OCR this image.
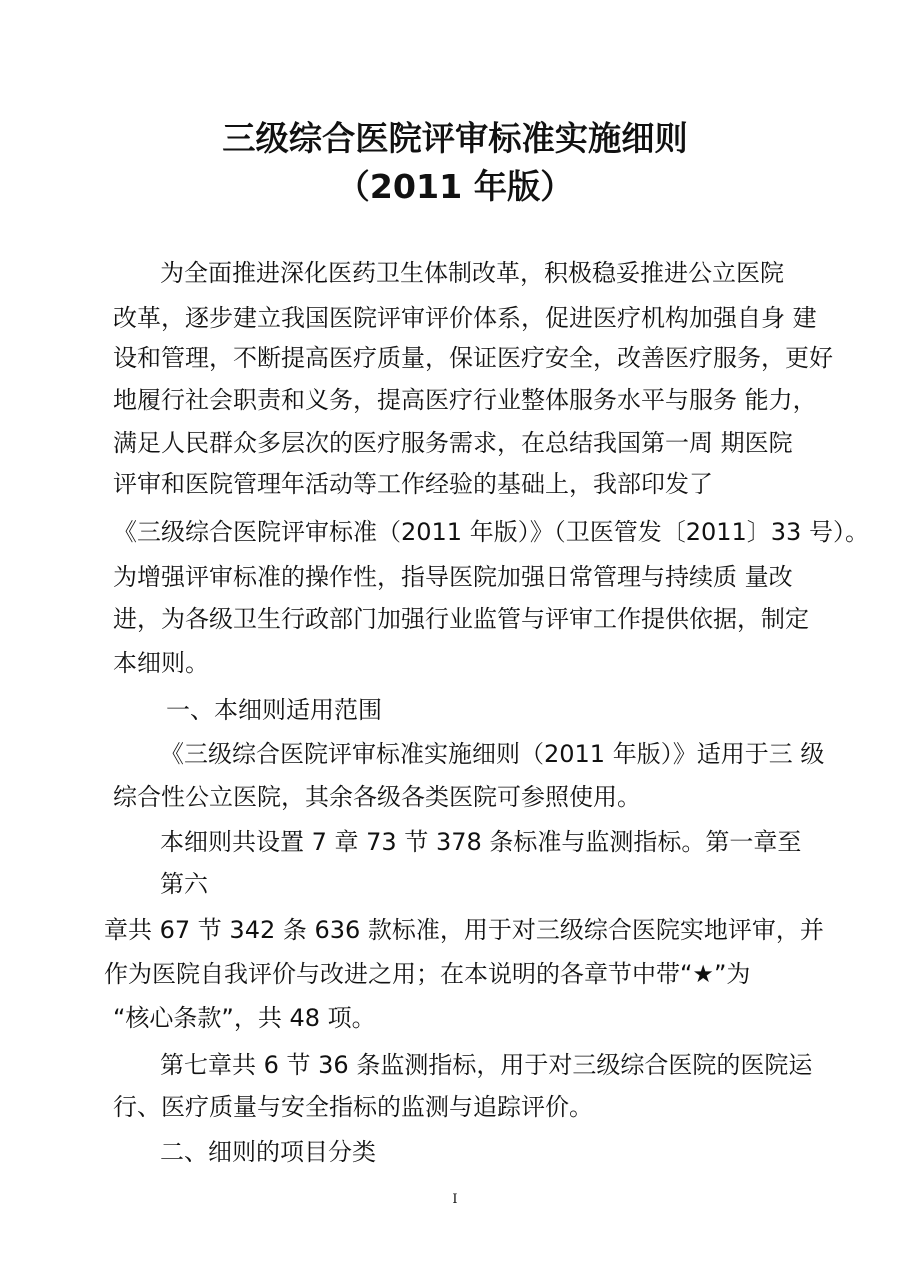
三级综合医院评审标准实施细则
（2011 年版）

为全面推进深化医药卫生体制改革，积极稳妥推进公立医院

改革，逐步建立我国医院评审评价体系，促进医疗机构加强自身 建

设和管理，不断提高医疗质量，保证医疗安全，改善医疗服务，更好

地履行社会职责和义务，提高医疗行业整体服务水平与服务 能力，

满足人民群众多层次的医疗服务需求，在总结我国第一周 期医院

评审和医院管理年活动等工作经验的基础上，我部印发了

《三级综合医院评审标准（2011 年版）》（卫医管发〔2011〕33 号）。

为增强评审标准的操作性，指导医院加强日常管理与持续质 量改

进，为各级卫生行政部门加强行业监管与评审工作提供依据，制定

本细则。

一、本细则适用范围

《三级综合医院评审标准实施细则（2011 年版）》适用于三 级

综合性公立医院，其余各级各类医院可参照使用。

本细则共设置 7 章 73 节 378 条标准与监测指标。第一章至

第六

章共 67 节 342 条 636 款标准，用于对三级综合医院实地评审，并

作为医院自我评价与改进之用；在本说明的各章节中带“★”为

“核心条款”，共 48 项。

第七章共 6 节 36 条监测指标，用于对三级综合医院的医院运

行、医疗质量与安全指标的监测与追踪评价。

二、细则的项目分类

I
